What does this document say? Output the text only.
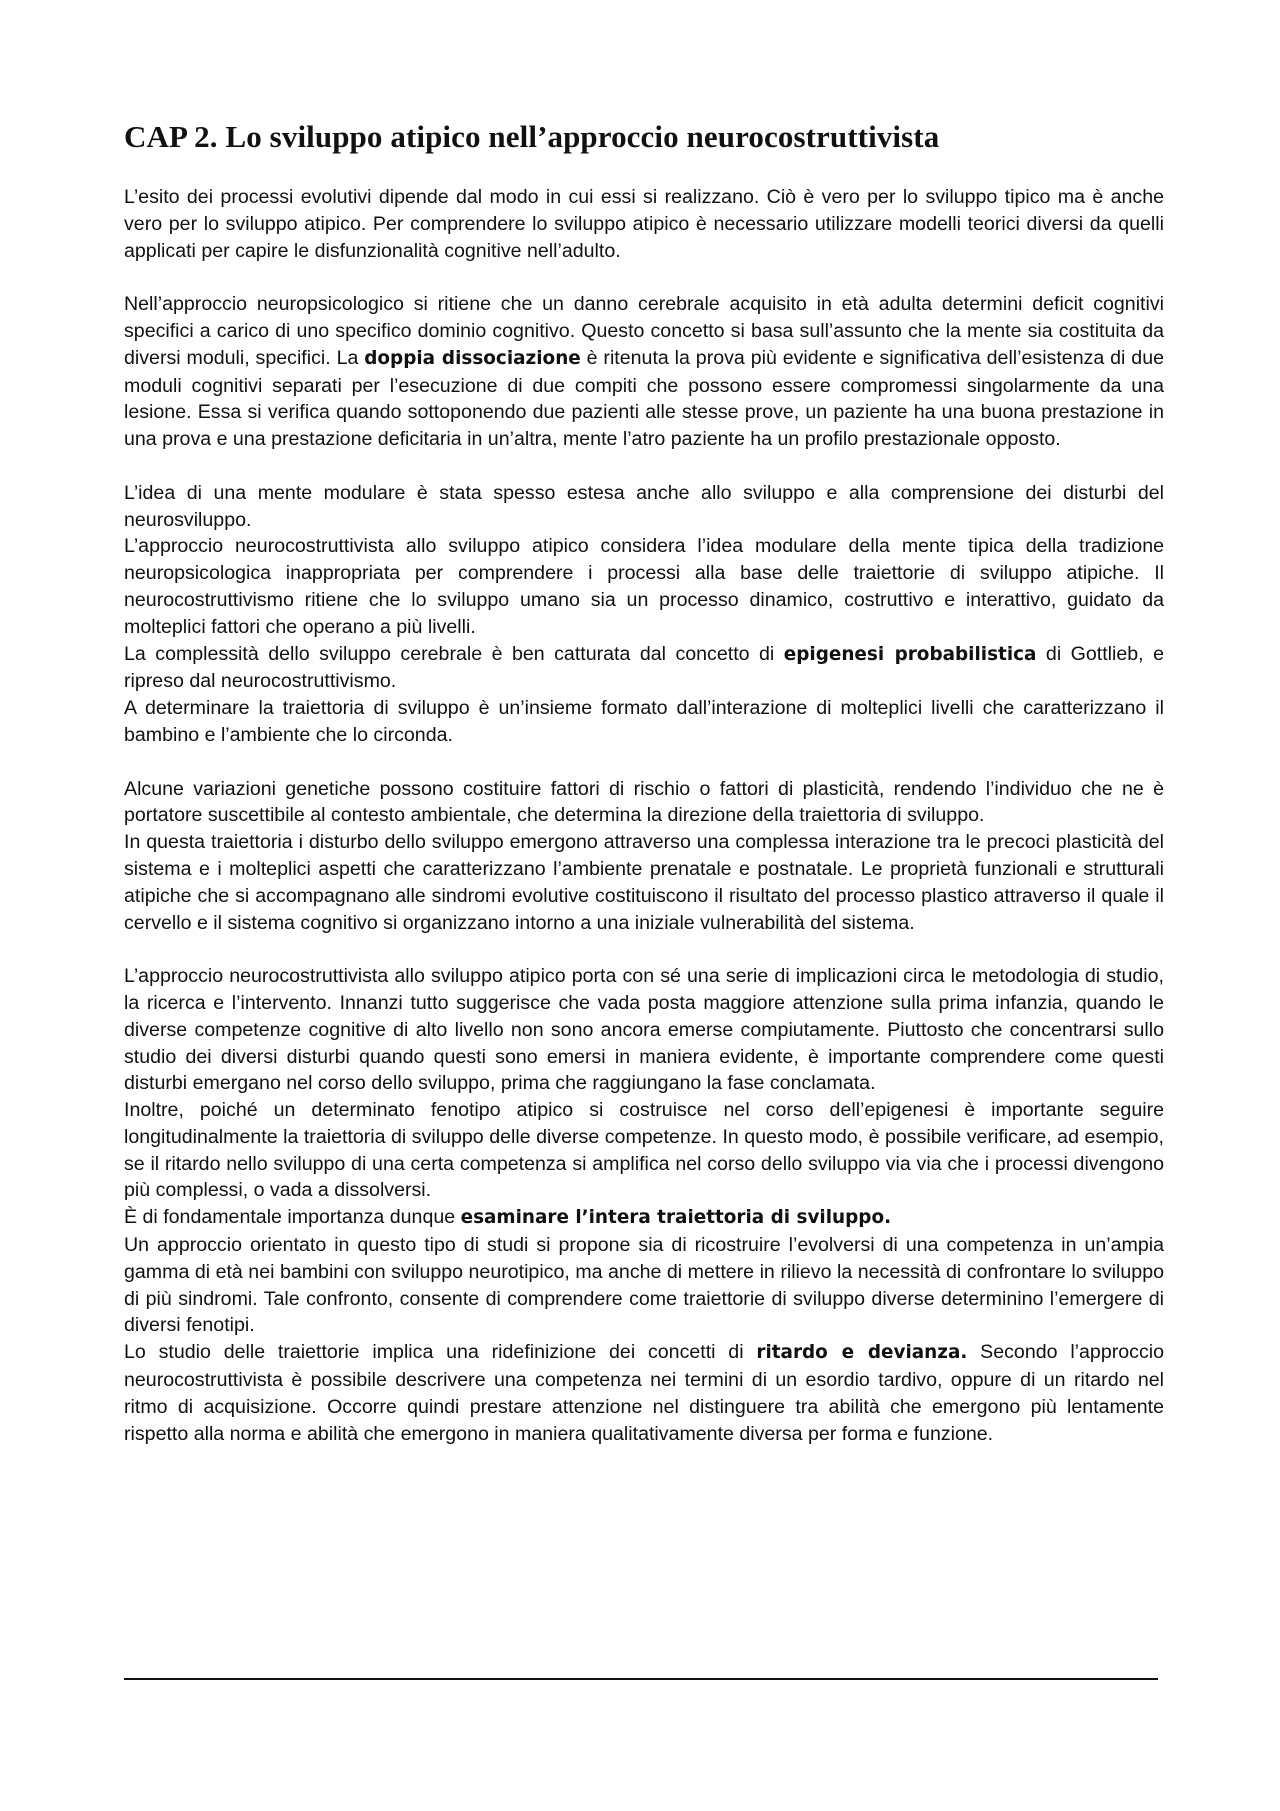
CAP 2. Lo sviluppo atipico nell’approccio neurocostruttivista

L’esito dei processi evolutivi dipende dal modo in cui essi si realizzano. Ciò è vero per lo sviluppo tipico ma è anche vero per lo sviluppo atipico. Per comprendere lo sviluppo atipico è necessario utilizzare modelli teorici diversi da quelli applicati per capire le disfunzionalità cognitive nell’adulto.

Nell’approccio neuropsicologico si ritiene che un danno cerebrale acquisito in età adulta determini deficit cognitivi specifici a carico di uno specifico dominio cognitivo. Questo concetto si basa sull’assunto che la mente sia costituita da diversi moduli, specifici. La doppia dissociazione è ritenuta la prova più evidente e significativa dell’esistenza di due moduli cognitivi separati per l’esecuzione di due compiti che possono essere compromessi singolarmente da una lesione. Essa si verifica quando sottoponendo due pazienti alle stesse prove, un paziente ha una buona prestazione in una prova e una prestazione deficitaria in un’altra, mente l’atro paziente ha un profilo prestazionale opposto.

L’idea di una mente modulare è stata spesso estesa anche allo sviluppo e alla comprensione dei disturbi del neurosviluppo.

L’approccio neurocostruttivista allo sviluppo atipico considera l’idea modulare della mente tipica della tradizione neuropsicologica inappropriata per comprendere i processi alla base delle traiettorie di sviluppo atipiche. Il neurocostruttivismo ritiene che lo sviluppo umano sia un processo dinamico, costruttivo e interattivo, guidato da molteplici fattori che operano a più livelli.

La complessità dello sviluppo cerebrale è ben catturata dal concetto di epigenesi probabilistica di Gottlieb, e ripreso dal neurocostruttivismo.

A determinare la traiettoria di sviluppo è un’insieme formato dall’interazione di molteplici livelli che caratterizzano il bambino e l’ambiente che lo circonda.

Alcune variazioni genetiche possono costituire fattori di rischio o fattori di plasticità, rendendo l’individuo che ne è portatore suscettibile al contesto ambientale, che determina la direzione della traiettoria di sviluppo.

In questa traiettoria i disturbo dello sviluppo emergono attraverso una complessa interazione tra le precoci plasticità del sistema e i molteplici aspetti che caratterizzano l’ambiente prenatale e postnatale. Le proprietà funzionali e strutturali atipiche che si accompagnano alle sindromi evolutive costituiscono il risultato del processo plastico attraverso il quale il cervello e il sistema cognitivo si organizzano intorno a una iniziale vulnerabilità del sistema.

L’approccio neurocostruttivista allo sviluppo atipico porta con sé una serie di implicazioni circa le metodologia di studio, la ricerca e l’intervento. Innanzi tutto suggerisce che vada posta maggiore attenzione sulla prima infanzia, quando le diverse competenze cognitive di alto livello non sono ancora emerse compiutamente. Piuttosto che concentrarsi sullo studio dei diversi disturbi quando questi sono emersi in maniera evidente, è importante comprendere come questi disturbi emergano nel corso dello sviluppo, prima che raggiungano la fase conclamata.

Inoltre, poiché un determinato fenotipo atipico si costruisce nel corso dell’epigenesi è importante seguire longitudinalmente la traiettoria di sviluppo delle diverse competenze. In questo modo, è possibile verificare, ad esempio, se il ritardo nello sviluppo di una certa competenza si amplifica nel corso dello sviluppo via via che i processi divengono più complessi, o vada a dissolversi.

È di fondamentale importanza dunque esaminare l’intera traiettoria di sviluppo.

Un approccio orientato in questo tipo di studi si propone sia di ricostruire l’evolversi di una competenza in un’ampia gamma di età nei bambini con sviluppo neurotipico, ma anche di mettere in rilievo la necessità di confrontare lo sviluppo di più sindromi. Tale confronto, consente di comprendere come traiettorie di sviluppo diverse determinino l’emergere di diversi fenotipi.

Lo studio delle traiettorie implica una ridefinizione dei concetti di ritardo e devianza. Secondo l’approccio neurocostruttivista è possibile descrivere una competenza nei termini di un esordio tardivo, oppure di un ritardo nel ritmo di acquisizione. Occorre quindi prestare attenzione nel distinguere tra abilità che emergono più lentamente rispetto alla norma e abilità che emergono in maniera qualitativamente diversa per forma e funzione.
